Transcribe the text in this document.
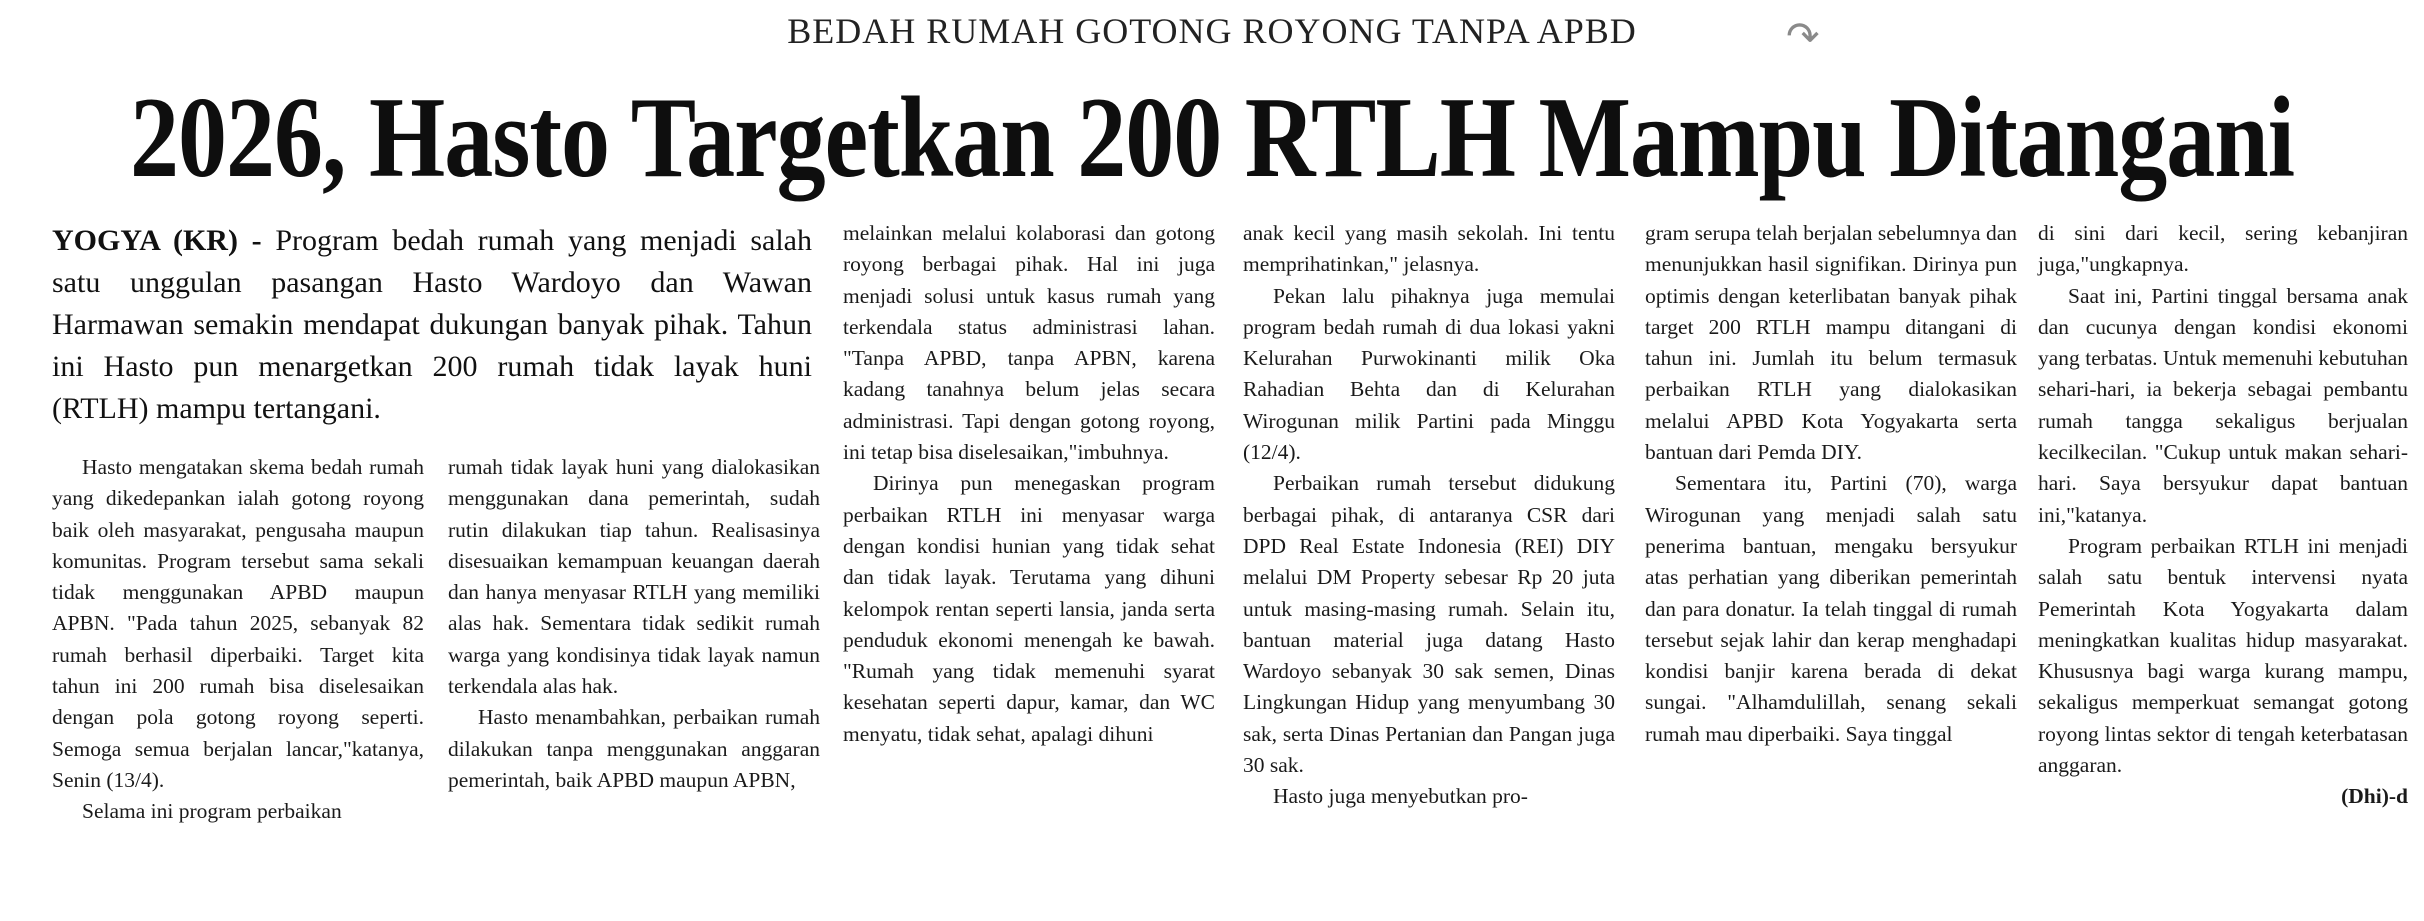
BEDAH RUMAH GOTONG ROYONG TANPA APBD
2026, Hasto Targetkan 200 RTLH Mampu Ditangani
↷
YOGYA (KR) - Program bedah rumah yang menjadi salah satu unggulan pasangan Hasto Wardoyo dan Wawan Harmawan semakin mendapat dukungan banyak pihak. Tahun ini Hasto pun menargetkan 200 rumah tidak layak huni (RTLH) mampu tertangani.

Hasto mengatakan skema bedah rumah yang dikedepankan ialah gotong royong baik oleh masyarakat, pengusaha maupun komunitas. Program tersebut sama sekali tidak menggunakan APBD maupun APBN. "Pada tahun 2025, sebanyak 82 rumah berhasil diperbaiki. Target kita tahun ini 200 rumah bisa diselesaikan dengan pola gotong royong seperti. Semoga semua berjalan lancar,"katanya, Senin (13/4).

Selama ini program perbaikan

rumah tidak layak huni yang dialokasikan menggunakan dana pemerintah, sudah rutin dilakukan tiap tahun. Realisasinya disesuaikan kemampuan keuangan daerah dan hanya menyasar RTLH yang memiliki alas hak. Sementara tidak sedikit rumah warga yang kondisinya tidak layak namun terkendala alas hak.

Hasto menambahkan, perbaikan rumah dilakukan tanpa menggunakan anggaran pemerintah, baik APBD maupun APBN,

melainkan melalui kolaborasi dan gotong royong berbagai pihak. Hal ini juga menjadi solusi untuk kasus rumah yang terkendala status administrasi lahan. "Tanpa APBD, tanpa APBN, karena kadang tanahnya belum jelas secara administrasi. Tapi dengan gotong royong, ini tetap bisa diselesaikan,"imbuhnya.

Dirinya pun menegaskan program perbaikan RTLH ini menyasar warga dengan kondisi hunian yang tidak sehat dan tidak layak. Terutama yang dihuni kelompok rentan seperti lansia, janda serta penduduk ekonomi menengah ke bawah. "Rumah yang tidak memenuhi syarat kesehatan seperti dapur, kamar, dan WC menyatu, tidak sehat, apalagi dihuni

anak kecil yang masih sekolah. Ini tentu memprihatinkan," jelasnya.

Pekan lalu pihaknya juga memulai program bedah rumah di dua lokasi yakni Kelurahan Purwokinanti milik Oka Rahadian Behta dan di Kelurahan Wirogunan milik Partini pada Minggu (12/4).

Perbaikan rumah tersebut didukung berbagai pihak, di antaranya CSR dari DPD Real Estate Indonesia (REI) DIY melalui DM Property sebesar Rp 20 juta untuk masing-masing rumah. Selain itu, bantuan material juga datang Hasto Wardoyo sebanyak 30 sak semen, Dinas Lingkungan Hidup yang menyumbang 30 sak, serta Dinas Pertanian dan Pangan juga 30 sak.

Hasto juga menyebutkan pro-

gram serupa telah berjalan sebelumnya dan menunjukkan hasil signifikan. Dirinya pun optimis dengan keterlibatan banyak pihak target 200 RTLH mampu ditangani di tahun ini. Jumlah itu belum termasuk perbaikan RTLH yang dialokasikan melalui APBD Kota Yogyakarta serta bantuan dari Pemda DIY.

Sementara itu, Partini (70), warga Wirogunan yang menjadi salah satu penerima bantuan, mengaku bersyukur atas perhatian yang diberikan pemerintah dan para donatur. Ia telah tinggal di rumah tersebut sejak lahir dan kerap menghadapi kondisi banjir karena berada di dekat sungai. "Alhamdulillah, senang sekali rumah mau diperbaiki. Saya tinggal

di sini dari kecil, sering kebanjiran juga,"ungkapnya.

Saat ini, Partini tinggal bersama anak dan cucunya dengan kondisi ekonomi yang terbatas. Untuk memenuhi kebutuhan sehari-hari, ia bekerja sebagai pembantu rumah tangga sekaligus berjualan kecilkecilan. "Cukup untuk makan sehari-hari. Saya bersyukur dapat bantuan ini,"katanya.

Program perbaikan RTLH ini menjadi salah satu bentuk intervensi nyata Pemerintah Kota Yogyakarta dalam meningkatkan kualitas hidup masyarakat. Khususnya bagi warga kurang mampu, sekaligus memperkuat semangat gotong royong lintas sektor di tengah keterbatasan anggaran.

(Dhi)-d
